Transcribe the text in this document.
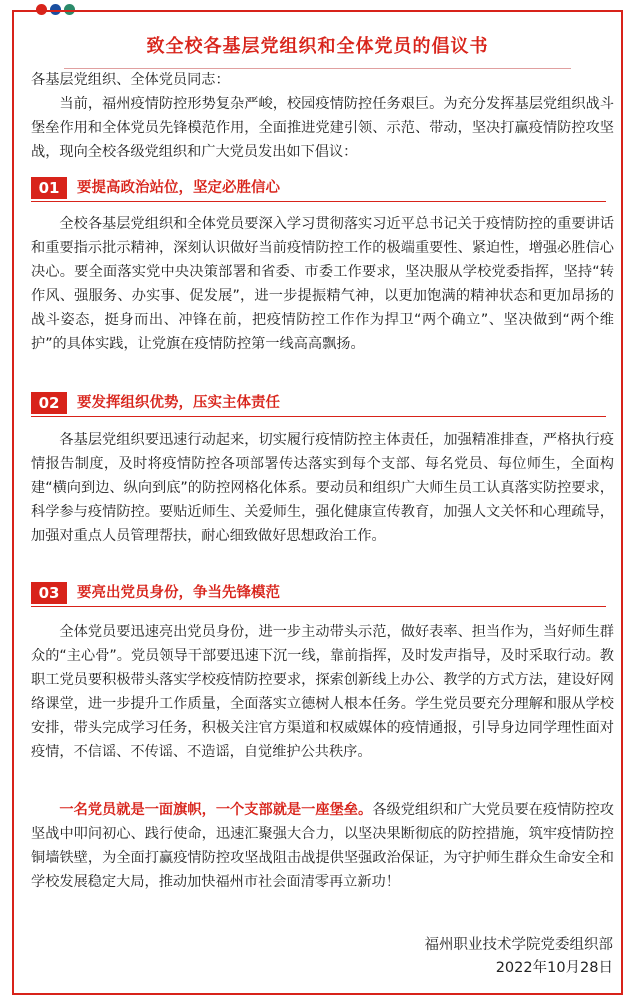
致全校各基层党组织和全体党员的倡议书

各基层党组织、全体党员同志：

当前，福州疫情防控形势复杂严峻，校园疫情防控任务艰巨。为充分发挥基层党组织战斗堡垒作用和全体党员先锋模范作用，全面推进党建引领、示范、带动，坚决打赢疫情防控攻坚战，现向全校各级党组织和广大党员发出如下倡议：

01	要提高政治站位，坚定必胜信心

全校各基层党组织和全体党员要深入学习贯彻落实习近平总书记关于疫情防控的重要讲话和重要指示批示精神，深刻认识做好当前疫情防控工作的极端重要性、紧迫性，增强必胜信心决心。要全面落实党中央决策部署和省委、市委工作要求，坚决服从学校党委指挥，坚持“转作风、强服务、办实事、促发展”，进一步提振精气神，以更加饱满的精神状态和更加昂扬的战斗姿态，挺身而出、冲锋在前，把疫情防控工作作为捍卫“两个确立”、坚决做到“两个维护”的具体实践，让党旗在疫情防控第一线高高飘扬。

02	要发挥组织优势，压实主体责任

各基层党组织要迅速行动起来，切实履行疫情防控主体责任，加强精准排查，严格执行疫情报告制度，及时将疫情防控各项部署传达落实到每个支部、每名党员、每位师生，全面构建“横向到边、纵向到底”的防控网格化体系。要动员和组织广大师生员工认真落实防控要求，科学参与疫情防控。要贴近师生、关爱师生，强化健康宣传教育，加强人文关怀和心理疏导，加强对重点人员管理帮扶，耐心细致做好思想政治工作。

03	要亮出党员身份，争当先锋模范

全体党员要迅速亮出党员身份，进一步主动带头示范，做好表率、担当作为，当好师生群众的“主心骨”。党员领导干部要迅速下沉一线，靠前指挥，及时发声指导，及时采取行动。教职工党员要积极带头落实学校疫情防控要求，探索创新线上办公、教学的方式方法，建设好网络课堂，进一步提升工作质量，全面落实立德树人根本任务。学生党员要充分理解和服从学校安排，带头完成学习任务，积极关注官方渠道和权威媒体的疫情通报，引导身边同学理性面对疫情，不信谣、不传谣、不造谣，自觉维护公共秩序。

一名党员就是一面旗帜，一个支部就是一座堡垒。各级党组织和广大党员要在疫情防控攻坚战中叩问初心、践行使命，迅速汇聚强大合力，以坚决果断彻底的防控措施，筑牢疫情防控铜墙铁壁，为全面打赢疫情防控攻坚战阻击战提供坚强政治保证，为守护师生群众生命安全和学校发展稳定大局，推动加快福州市社会面清零再立新功！

福州职业技术学院党委组织部
2022年10月28日
